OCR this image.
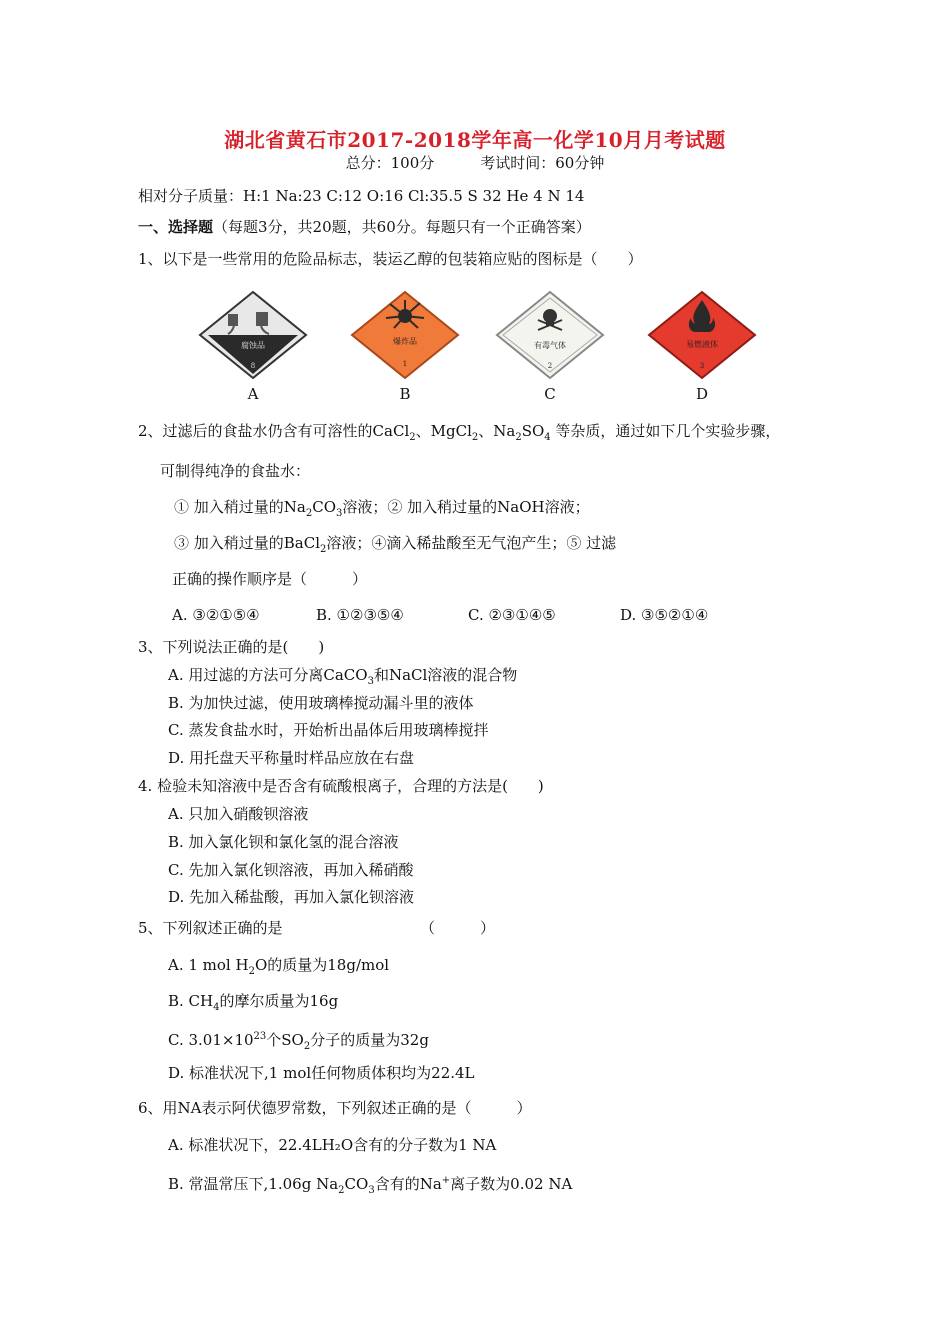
湖北省黄石市2017-2018学年高一化学10月月考试题
总分：100分	考试时间：60分钟
相对分子质量：H:1 Na:23 C:12 O:16 Cl:35.5 S 32 He 4 N 14
一、选择题（每题3分，共20题，共60分。每题只有一个正确答案）
1、以下是一些常用的危险品标志，装运乙醇的包装箱应贴的图标是（　　）
腐蚀品
8
A
爆炸品
1
B
有毒气体
2
C
易燃液体
3
D
2、过滤后的食盐水仍含有可溶性的CaCl$_2$、MgCl$_2$、$Na_2SO_4$ 等杂质，通过如下几个实验步骤，
可制得纯净的食盐水：
① 加入稍过量的$Na_2CO_3$溶液；② 加入稍过量的NaOH溶液；
③ 加入稍过量的BaCl$_2$溶液；④滴入稀盐酸至无气泡产生；⑤ 过滤
正确的操作顺序是（　　　）
A. ③②①⑤④	B. ①②③⑤④	C. ②③①④⑤	D. ③⑤②①④
3、下列说法正确的是(　　)
A. 用过滤的方法可分离CaCO$_3$和NaCl溶液的混合物
B. 为加快过滤，使用玻璃棒搅动漏斗里的液体
C. 蒸发食盐水时，开始析出晶体后用玻璃棒搅拌
D. 用托盘天平称量时样品应放在右盘
4. 检验未知溶液中是否含有硫酸根离子，合理的方法是(　　)
A. 只加入硝酸钡溶液
B. 加入氯化钡和氯化氢的混合溶液
C. 先加入氯化钡溶液，再加入稀硝酸
D. 先加入稀盐酸，再加入氯化钡溶液
5、下列叙述正确的是	（　　　）
A. 1 mol $H_2O$的质量为18g/mol
B. $CH_4$的摩尔质量为16g
C. $3.01\times 10^{23}$个$SO_2$分子的质量为32g
D. 标准状况下,1 mol任何物质体积均为22.4L
6、用NA表示阿伏德罗常数，下列叙述正确的是（　　　）
A. 标准状况下，22.4LH₂O含有的分子数为1 NA
B. 常温常压下,1.06g $Na_2CO_3$含有的Na+离子数为0.02 NA
